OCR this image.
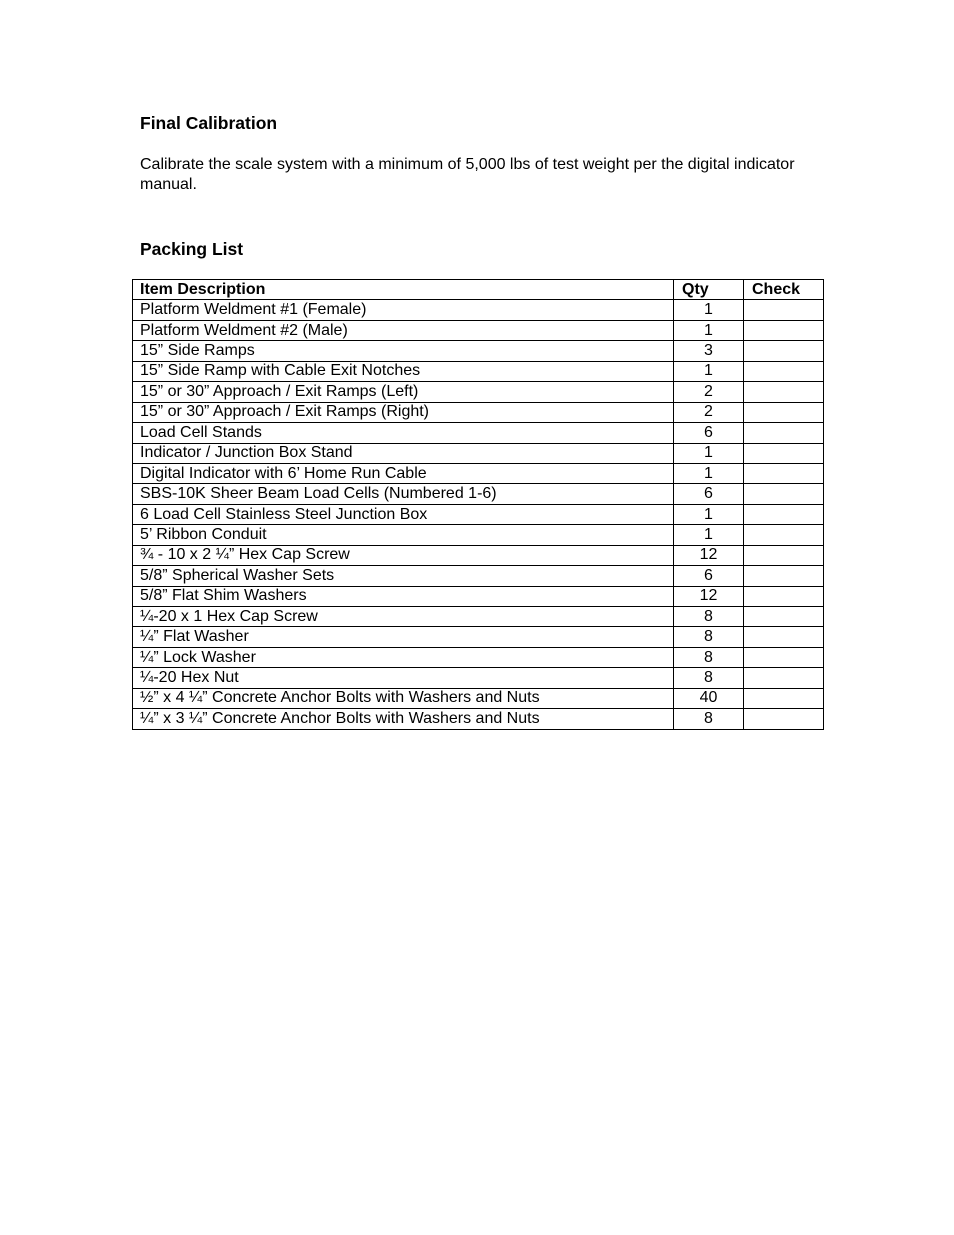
Final Calibration

Calibrate the scale system with a minimum of 5,000 lbs of test weight per the digital indicator manual.

Packing List
Item Description	Qty	Check
Platform Weldment #1 (Female)	1	
Platform Weldment #2 (Male)	1	
15” Side Ramps	3	
15” Side Ramp with Cable Exit Notches	1	
15” or 30” Approach / Exit Ramps (Left)	2	
15” or 30” Approach / Exit Ramps (Right)	2	
Load Cell Stands	6	
Indicator / Junction Box Stand	1	
Digital Indicator with 6’ Home Run Cable	1	
SBS-10K Sheer Beam Load Cells (Numbered 1-6)	6	
6 Load Cell Stainless Steel Junction Box	1	
5’ Ribbon Conduit	1	
¾ - 10 x 2 ¼” Hex Cap Screw	12	
5/8” Spherical Washer Sets	6	
5/8” Flat Shim Washers	12	
¼-20 x 1 Hex Cap Screw	8	
¼” Flat Washer	8	
¼” Lock Washer	8	
¼-20 Hex Nut	8	
½” x 4 ¼” Concrete Anchor Bolts with Washers and Nuts	40	
¼” x 3 ¼” Concrete Anchor Bolts with Washers and Nuts	8	
